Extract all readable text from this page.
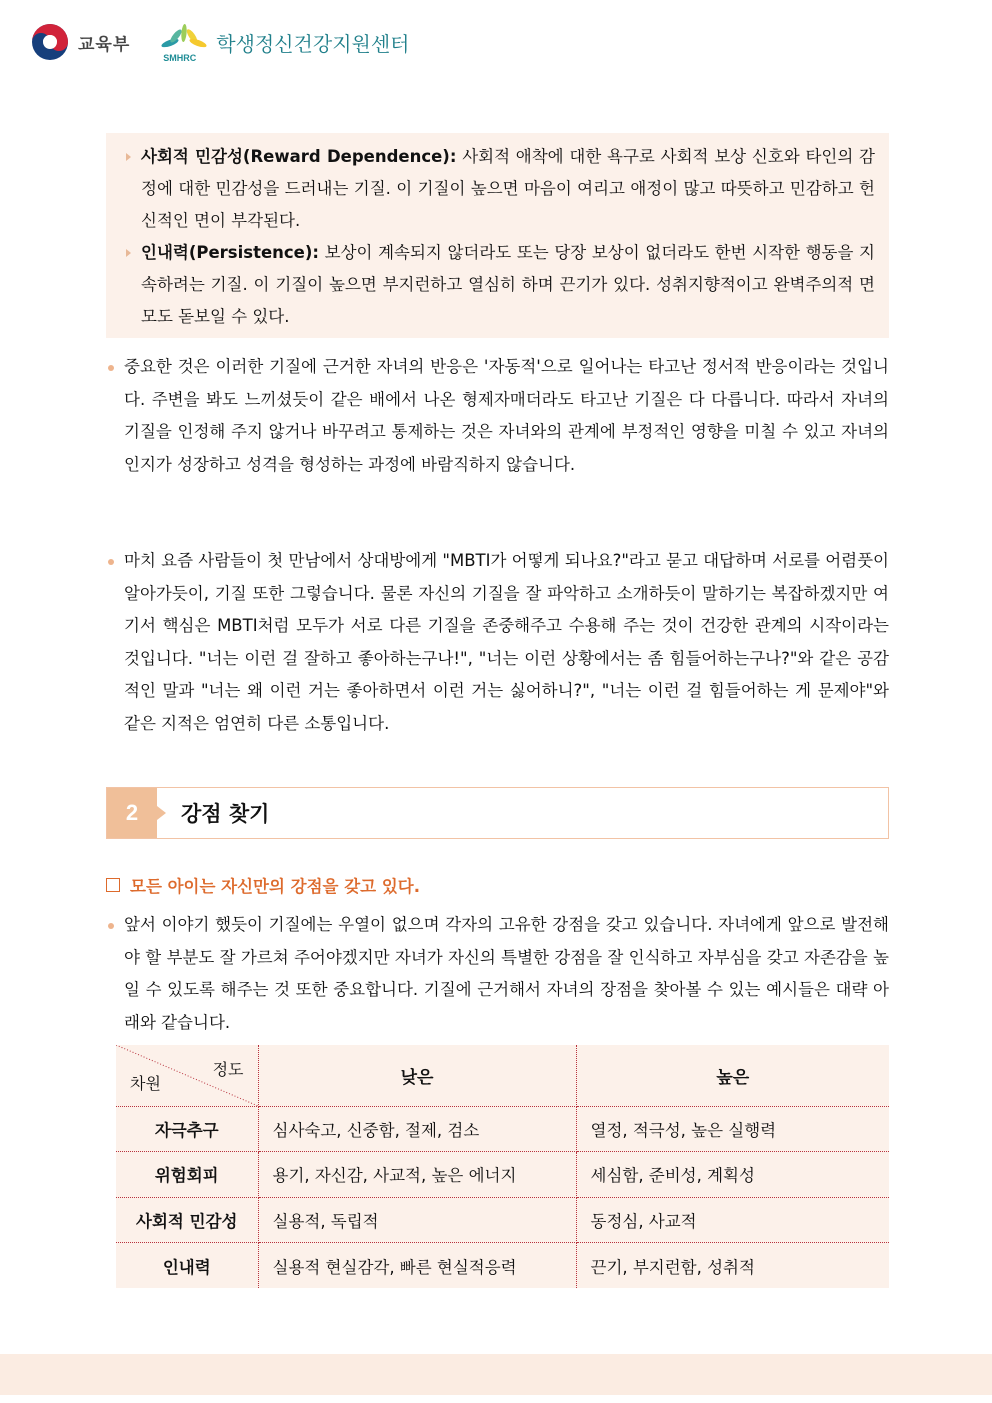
교육부
SMHRC
학생정신건강지원센터
사회적 민감성(Reward Dependence): 사회적 애착에 대한 욕구로 사회적 보상 신호와 타인의 감정에 대한 민감성을 드러내는 기질. 이 기질이 높으면 마음이 여리고 애정이 많고 따뜻하고 민감하고 헌신적인 면이 부각된다.
인내력(Persistence): 보상이 계속되지 않더라도 또는 당장 보상이 없더라도 한번 시작한 행동을 지속하려는 기질. 이 기질이 높으면 부지런하고 열심히 하며 끈기가 있다. 성취지향적이고 완벽주의적 면모도 돋보일 수 있다.
중요한 것은 이러한 기질에 근거한 자녀의 반응은 '자동적'으로 일어나는 타고난 정서적 반응이라는 것입니다. 주변을 봐도 느끼셨듯이 같은 배에서 나온 형제자매더라도 타고난 기질은 다 다릅니다. 따라서 자녀의 기질을 인정해 주지 않거나 바꾸려고 통제하는 것은 자녀와의 관계에 부정적인 영향을 미칠 수 있고 자녀의 인지가 성장하고 성격을 형성하는 과정에 바람직하지 않습니다.
마치 요즘 사람들이 첫 만남에서 상대방에게 "MBTI가 어떻게 되나요?"라고 묻고 대답하며 서로를 어렴풋이 알아가듯이, 기질 또한 그렇습니다. 물론 자신의 기질을 잘 파악하고 소개하듯이 말하기는 복잡하겠지만 여기서 핵심은 MBTI처럼 모두가 서로 다른 기질을 존중해주고 수용해 주는 것이 건강한 관계의 시작이라는 것입니다. "너는 이런 걸 잘하고 좋아하는구나!", "너는 이런 상황에서는 좀 힘들어하는구나?"와 같은 공감적인 말과 "너는 왜 이런 거는 좋아하면서 이런 거는 싫어하니?", "너는 이런 걸 힘들어하는 게 문제야"와 같은 지적은 엄연히 다른 소통입니다.
2	강점 찾기
모든 아이는 자신만의 강점을 갖고 있다.
앞서 이야기 했듯이 기질에는 우열이 없으며 각자의 고유한 강점을 갖고 있습니다. 자녀에게 앞으로 발전해야 할 부분도 잘 가르쳐 주어야겠지만 자녀가 자신의 특별한 강점을 잘 인식하고 자부심을 갖고 자존감을 높일 수 있도록 해주는 것 또한 중요합니다. 기질에 근거해서 자녀의 장점을 찾아볼 수 있는 예시들은 대략 아래와 같습니다.
정도
차원	낮은	높은
자극추구	심사숙고, 신중함, 절제, 검소	열정, 적극성, 높은 실행력
위험회피	용기, 자신감, 사교적, 높은 에너지	세심함, 준비성, 계획성
사회적 민감성	실용적, 독립적	동정심, 사교적
인내력	실용적 현실감각, 빠른 현실적응력	끈기, 부지런함, 성취적
